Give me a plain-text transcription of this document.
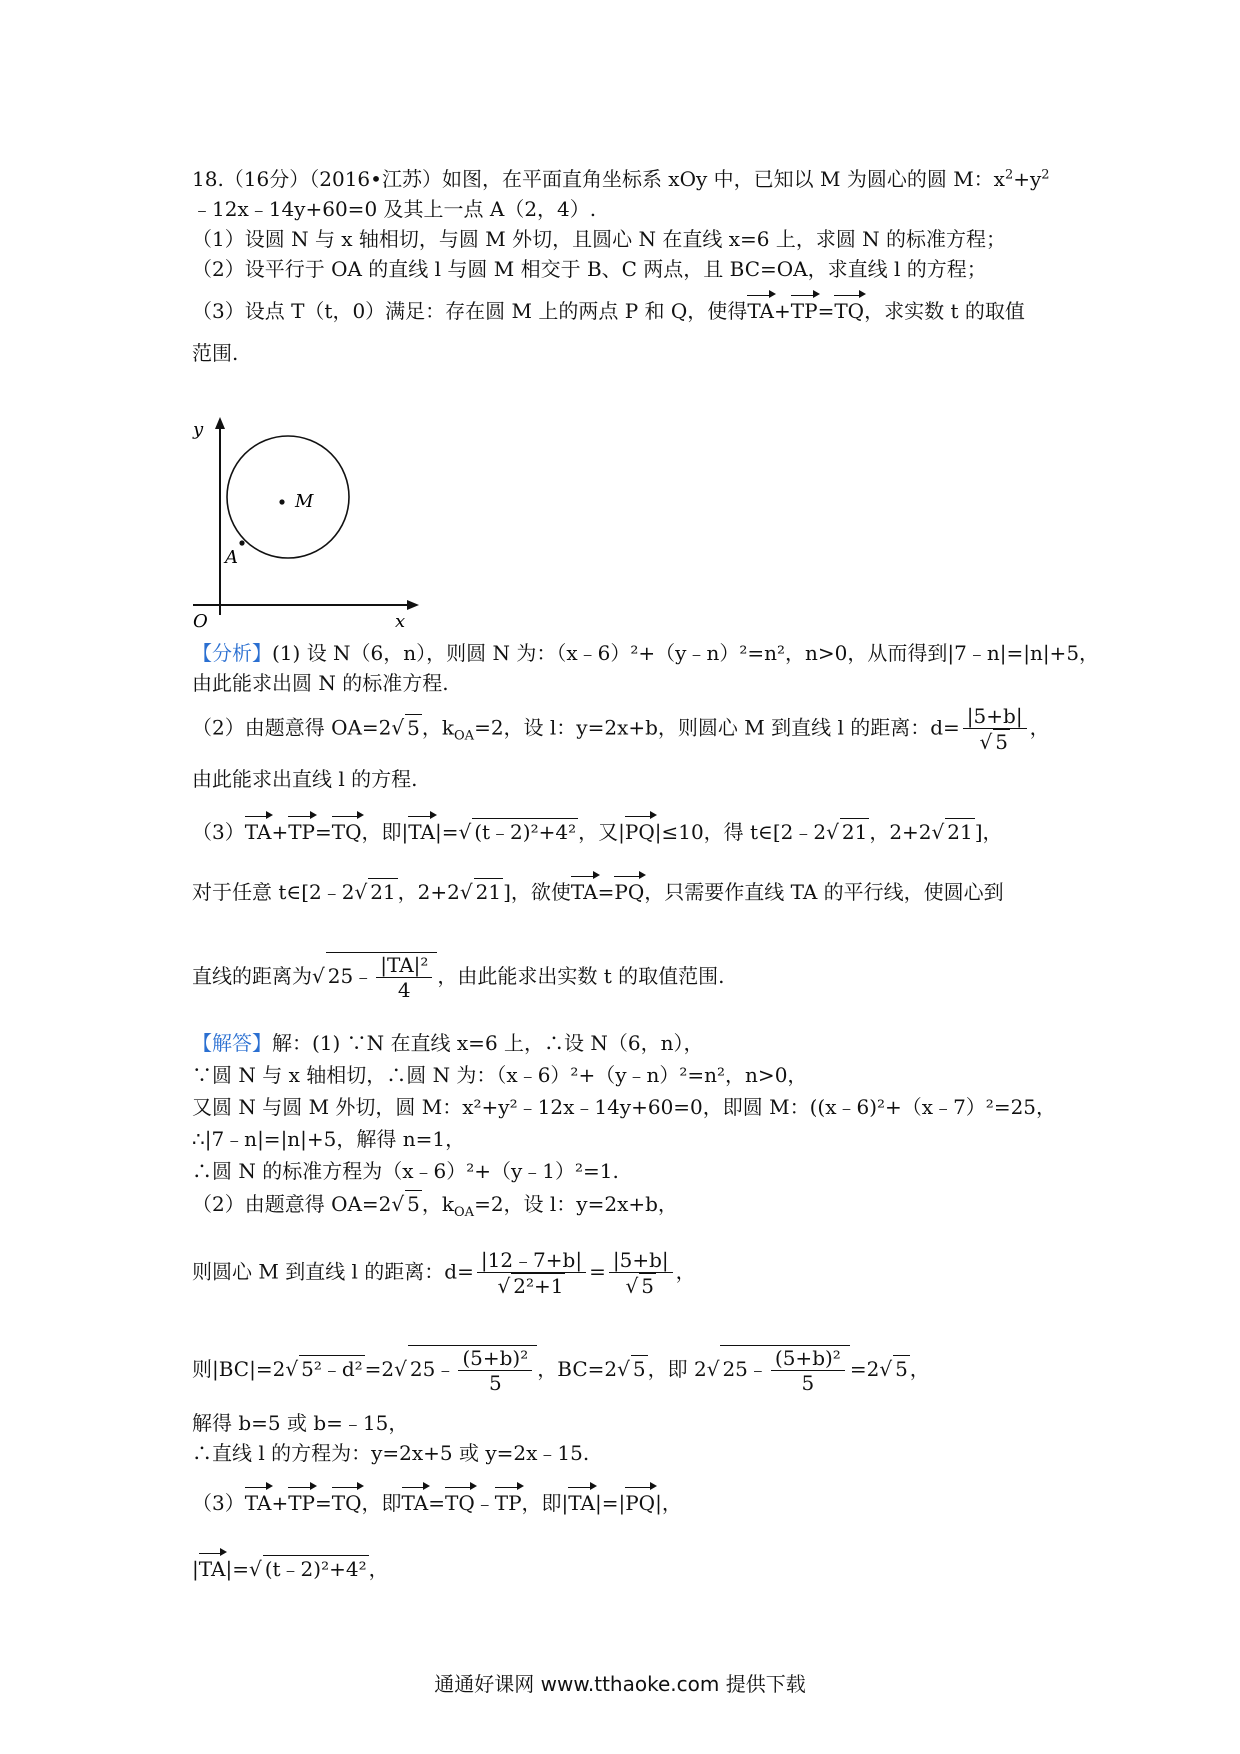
18.（16分）（2016•江苏）如图，在平面直角坐标系 xOy 中，已知以 M 为圆心的圆 M：$x^2+y^2$
﹣12x﹣14y+60=0 及其上一点 A（2，4）.
（1）设圆 N 与 x 轴相切，与圆 M 外切，且圆心 N 在直线 x=6 上，求圆 N 的标准方程；
（2）设平行于 OA 的直线 l 与圆 M 相交于 B、C 两点，且 BC=OA，求直线 l 的方程；
（3）设点 T（t，0）满足：存在圆 M 上的两点 P 和 Q，使得TA+TP=TQ，求实数 t 的取值
范围.
y
x
O
M
A
【分析】(1) 设 N（6，n），则圆 N 为：（x﹣6）²+（y﹣n）²=n²，n>0，从而得到|7﹣n|=|n|+5，
由此能求出圆 N 的标准方程.
（2）由题意得 OA=2√ 5 ，$k_{OA}=2$，设 l：y=2x+b，则圆心 M 到直线 l 的距离：$d= \frac{|5+b|}{√ 5}$ ，
由此能求出直线 l 的方程.
（3）TA+TP=TQ，即|TA|=√ (t﹣2)²+4² ，又|PQ|≤10，得 t∈[2﹣2√ 21 ，2+2√ 21 ]，
对于任意 t∈[2﹣2√ 21 ，2+2√ 21 ]，欲使TA=PQ，只需要作直线 TA 的平行线，使圆心到
直线的距离为√ 25﹣ $\frac{\text{|TA|²}}{4}$ ，由此能求出实数 t 的取值范围.
【解答】解：(1) ∵N 在直线 x=6 上，∴设 N（6，n），
∵圆 N 与 x 轴相切，∴圆 N 为：（x﹣6）²+（y﹣n）²=n²，n>0，
又圆 N 与圆 M 外切，圆 M：x²+y²﹣12x﹣14y+60=0，即圆 M：((x﹣6)²+（x﹣7）²=25，
∴|7﹣n|=|n|+5，解得 n=1，
∴圆 N 的标准方程为（x﹣6）²+（y﹣1）²=1.
（2）由题意得 OA=2√ 5 ，$k_{OA}=2$，设 l：y=2x+b，
则圆心 M 到直线 l 的距离：$d= \frac{|12﹣7+b|}{\text{√ 2²+1}} = \frac{|5+b|}{√ 5}$ ，
则|BC|=2√ 5²﹣d² =2√ 25﹣ $\frac{\text{(5+b)²}}{5}$ ，BC=2√ 5 ，即 2√ 25﹣ $\frac{\text{(5+b)²}}{5} =2√$ 5 ，
解得 b=5 或 b=﹣15，
∴直线 l 的方程为：y=2x+5 或 y=2x﹣15.
（3）TA+TP=TQ，即TA=TQ﹣TP，即|TA|=|PQ|，
|TA|=√ (t﹣2)²+4² ，
通通好课网 www.tthaoke.com 提供下载
